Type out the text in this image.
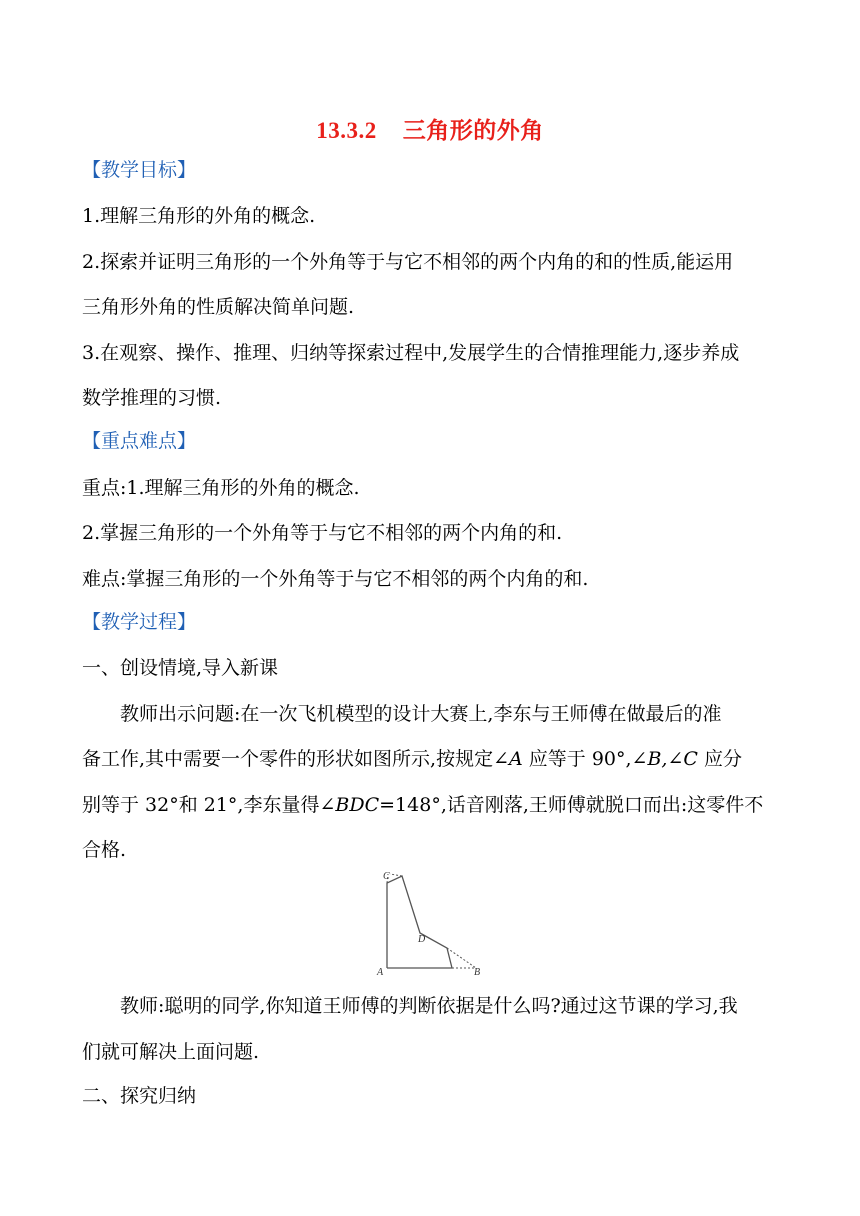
13.3.2 三角形的外角
【教学目标】
1.理解三角形的外角的概念.
2.探索并证明三角形的一个外角等于与它不相邻的两个内角的和的性质,能运用
三角形外角的性质解决简单问题.
3.在观察、操作、推理、归纳等探索过程中,发展学生的合情推理能力,逐步养成
数学推理的习惯.
【重点难点】
重点:1.理解三角形的外角的概念.
2.掌握三角形的一个外角等于与它不相邻的两个内角的和.
难点:掌握三角形的一个外角等于与它不相邻的两个内角的和.
【教学过程】
一、创设情境,导入新课
教师出示问题:在一次飞机模型的设计大赛上,李东与王师傅在做最后的准
备工作,其中需要一个零件的形状如图所示,按规定∠A 应等于 90°,∠B,∠C 应分
别等于 32°和 21°,李东量得∠BDC=148°,话音刚落,王师傅就脱口而出:这零件不
合格.
C
D
A	B
教师:聪明的同学,你知道王师傅的判断依据是什么吗?通过这节课的学习,我
们就可解决上面问题.
二、探究归纳
